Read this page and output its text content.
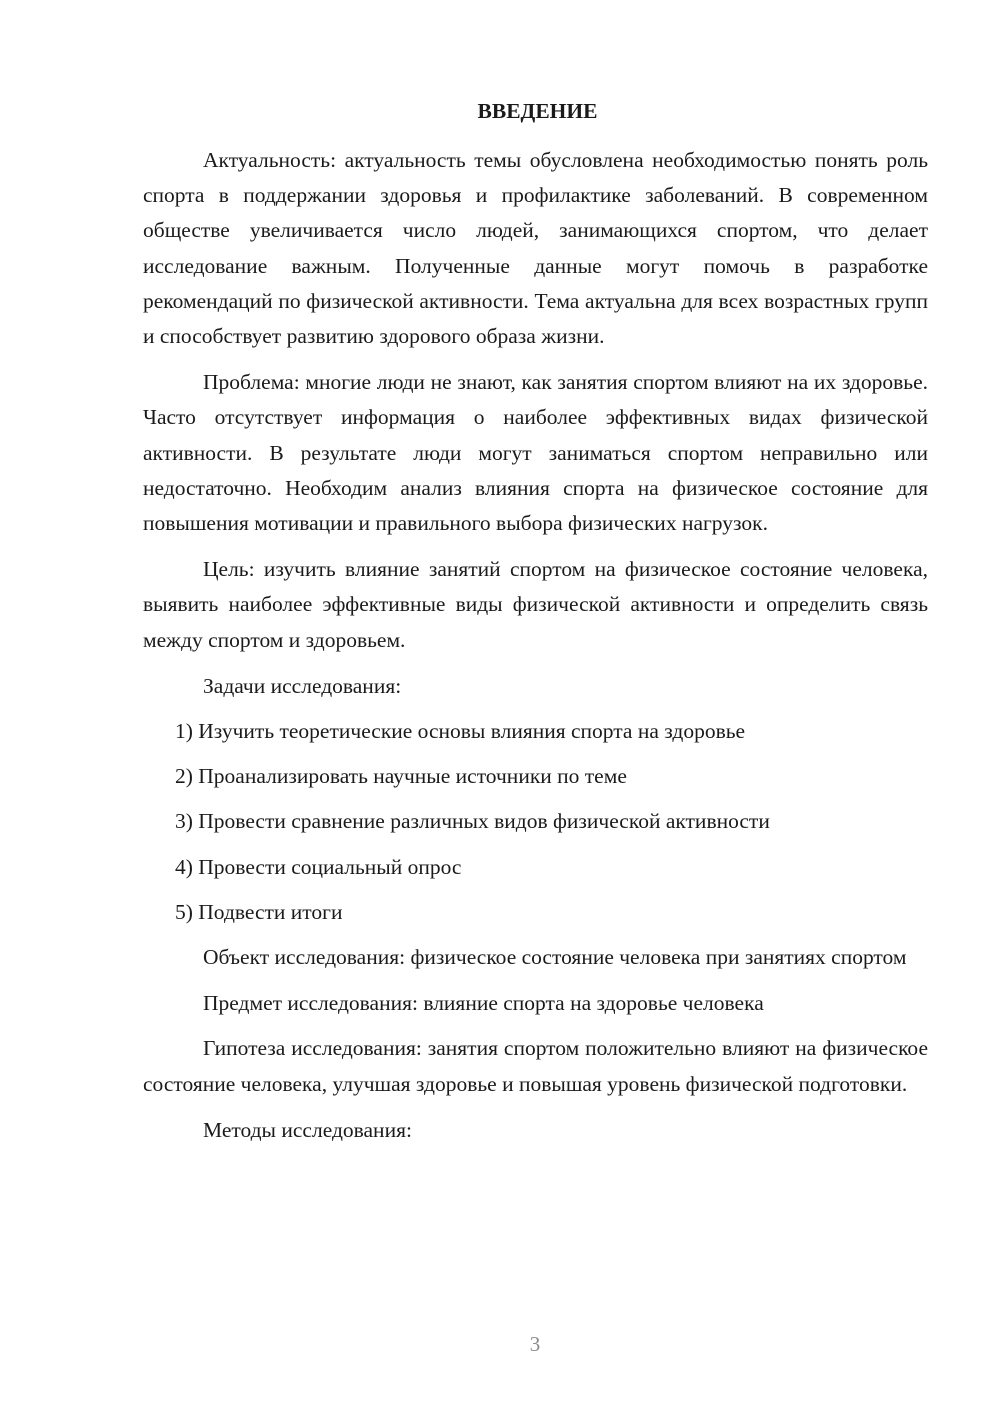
ВВЕДЕНИЕ

Актуальность: актуальность темы обусловлена необходимостью понять роль спорта в поддержании здоровья и профилактике заболеваний. В современном обществе увеличивается число людей, занимающихся спортом, что делает исследование важным. Полученные данные могут помочь в разработке рекомендаций по физической активности. Тема актуальна для всех возрастных групп и способствует развитию здорового образа жизни.

Проблема: многие люди не знают, как занятия спортом влияют на их здоровье. Часто отсутствует информация о наиболее эффективных видах физической активности. В результате люди могут заниматься спортом неправильно или недостаточно. Необходим анализ влияния спорта на физическое состояние для повышения мотивации и правильного выбора физических нагрузок.

Цель: изучить влияние занятий спортом на физическое состояние человека, выявить наиболее эффективные виды физической активности и определить связь между спортом и здоровьем.

Задачи исследования:

1) Изучить теоретические основы влияния спорта на здоровье

2) Проанализировать научные источники по теме

3) Провести сравнение различных видов физической активности

4) Провести социальный опрос

5) Подвести итоги

Объект исследования: физическое состояние человека при занятиях спортом

Предмет исследования: влияние спорта на здоровье человека

Гипотеза исследования: занятия спортом положительно влияют на физическое состояние человека, улучшая здоровье и повышая уровень физической подготовки.

Методы исследования:

3
